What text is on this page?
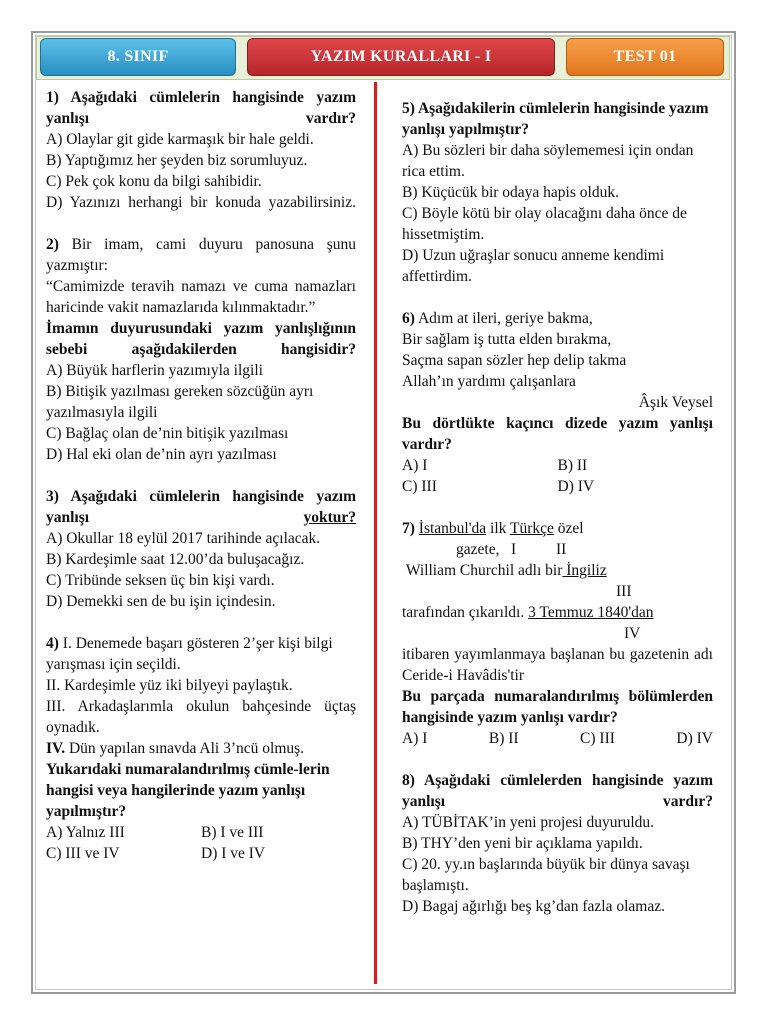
8. SINIF	YAZIM KURALLARI - I	TEST 01

1) Aşağıdaki cümlelerin hangisinde yazım yanlışı vardır?

A) Olaylar git gide karmaşık bir hale geldi.

B) Yaptığımız her şeyden biz sorumluyuz.

C) Pek çok konu da bilgi sahibidir.

D) Yazınızı herhangi bir konuda yazabilirsiniz.

2) Bir imam, cami duyuru panosuna şunu yazmıştır:

“Camimizde teravih namazı ve cuma namazları haricinde vakit namazlarıda kılınmaktadır.”

İmamın duyurusundaki yazım yanlışlığının sebebi aşağıdakilerden hangisidir?

A) Büyük harflerin yazımıyla ilgili

B) Bitişik yazılması gereken sözcüğün ayrı yazılmasıyla ilgili

C) Bağlaç olan de’nin bitişik yazılması

D) Hal eki olan de’nin ayrı yazılması

3) Aşağıdaki cümlelerin hangisinde yazım yanlışı yoktur?

A) Okullar 18 eylül 2017 tarihinde açılacak.

B) Kardeşimle saat 12.00’da buluşacağız.

C) Tribünde seksen üç bin kişi vardı.

D) Demekki sen de bu işin içindesin.

4) I. Denemede başarı gösteren 2’şer kişi bilgi yarışması için seçildi.

II. Kardeşimle yüz iki bilyeyi paylaştık.

III. Arkadaşlarımla okulun bahçesinde üçtaş oynadık.

IV. Dün yapılan sınavda Ali 3’ncü olmuş.

Yukarıdaki numaralandırılmış cümle-lerin hangisi veya hangilerinde yazım yanlışı yapılmıştır?

A) Yalnız III	B) I ve III
C) III ve IV	D) I ve IV

5) Aşağıdakilerin cümlelerin hangisinde yazım yanlışı yapılmıştır?

A) Bu sözleri bir daha söylememesi için ondan rica ettim.

B) Küçücük bir odaya hapis olduk.

C) Böyle kötü bir olay olacağını daha önce de hissetmiştim.

D) Uzun uğraşlar sonucu anneme kendimi affettirdim.

6) Adım at ileri, geriye bakma,

Bir sağlam iş tutta elden bırakma,

Saçma sapan sözler hep delip takma

Allah’ın yardımı çalışanlara

Âşık Veysel

Bu dörtlükte kaçıncı dizede yazım yanlışı vardır?

A) I	B) II
C) III	D) IV

7) İstanbul'da ilk Türkçe özel

gazete, I	II

William Churchil adlı bir İngiliz

III

tarafından çıkarıldı. 3 Temmuz 1840'dan

IV

itibaren yayımlanmaya başlanan bu gazetenin adı Ceride-i Havâdis'tir

Bu parçada numaralandırılmış bölümlerden hangisinde yazım yanlışı vardır?

A) I	B) II	C) III	D) IV

8) Aşağıdaki cümlelerden hangisinde yazım yanlışı vardır?

A) TÜBİTAK’in yeni projesi duyuruldu.

B) THY’den yeni bir açıklama yapıldı.

C) 20. yy.ın başlarında büyük bir dünya savaşı başlamıştı.

D) Bagaj ağırlığı beş kg’dan fazla olamaz.
